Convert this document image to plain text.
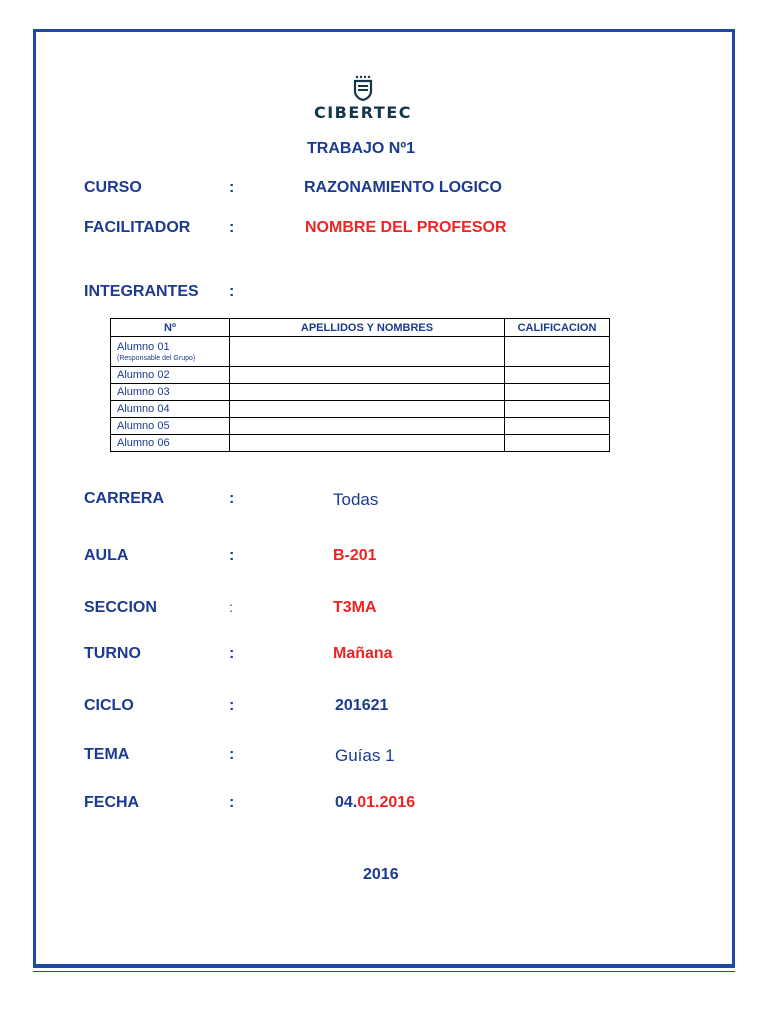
CIBERTEC
TRABAJO Nº1
CURSO	:	RAZONAMIENTO LOGICO
FACILITADOR :	NOMBRE DEL PROFESOR
INTEGRANTES :
Nº	APELLIDOS Y NOMBRES	CALIFICACION
Alumno 01
(Responsable del Grupo)		

Alumno 02		
Alumno 03		
Alumno 04		
Alumno 05		
Alumno 06		
CARRERA	:	Todas
AULA	:	B-201
SECCION	:	T3MA
TURNO	:	Mañana
CICLO	:	201621
TEMA	:	Guías 1
FECHA	:	04.01.2016
2016
